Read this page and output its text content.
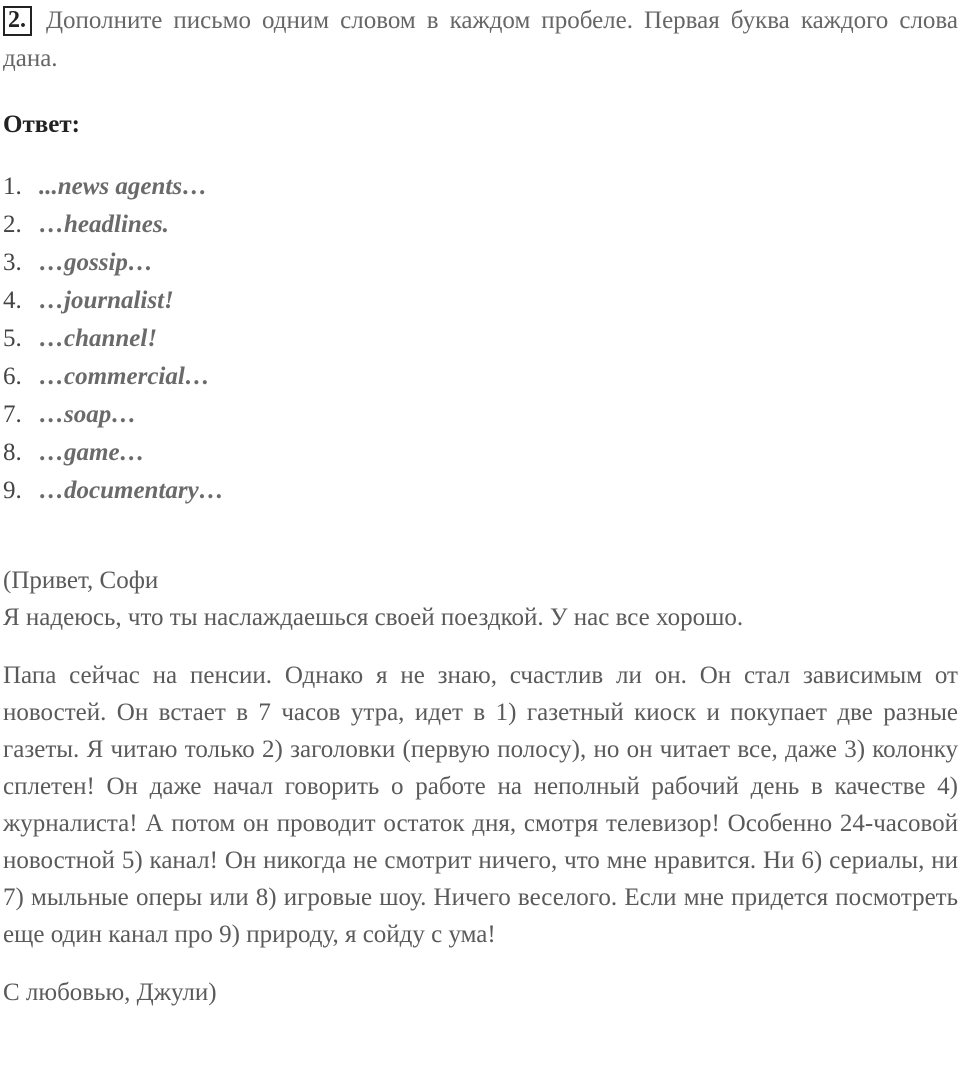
2. Дополните письмо одним словом в каждом пробеле. Первая буква каждого слова дана.
Ответ:
1. ...news agents…
2. …headlines.
3. …gossip…
4. …journalist!
5. …channel!
6. …commercial…
7. …soap…
8. …game…
9. …documentary…

(Привет, Софи

Я надеюсь, что ты наслаждаешься своей поездкой. У нас все хорошо.

Папа сейчас на пенсии. Однако я не знаю, счастлив ли он. Он стал зависимым от новостей. Он встает в 7 часов утра, идет в 1) газетный киоск и покупает две разные газеты. Я читаю только 2) заголовки (первую полосу), но он читает все, даже 3) колонку сплетен! Он даже начал говорить о работе на неполный рабочий день в качестве 4) журналиста! А потом он проводит остаток дня, смотря телевизор! Особенно 24-часовой новостной 5) канал! Он никогда не смотрит ничего, что мне нравится. Ни 6) сериалы, ни 7) мыльные оперы или 8) игровые шоу. Ничего веселого. Если мне придется посмотреть еще один канал про 9) природу, я сойду с ума!

С любовью, Джули)
